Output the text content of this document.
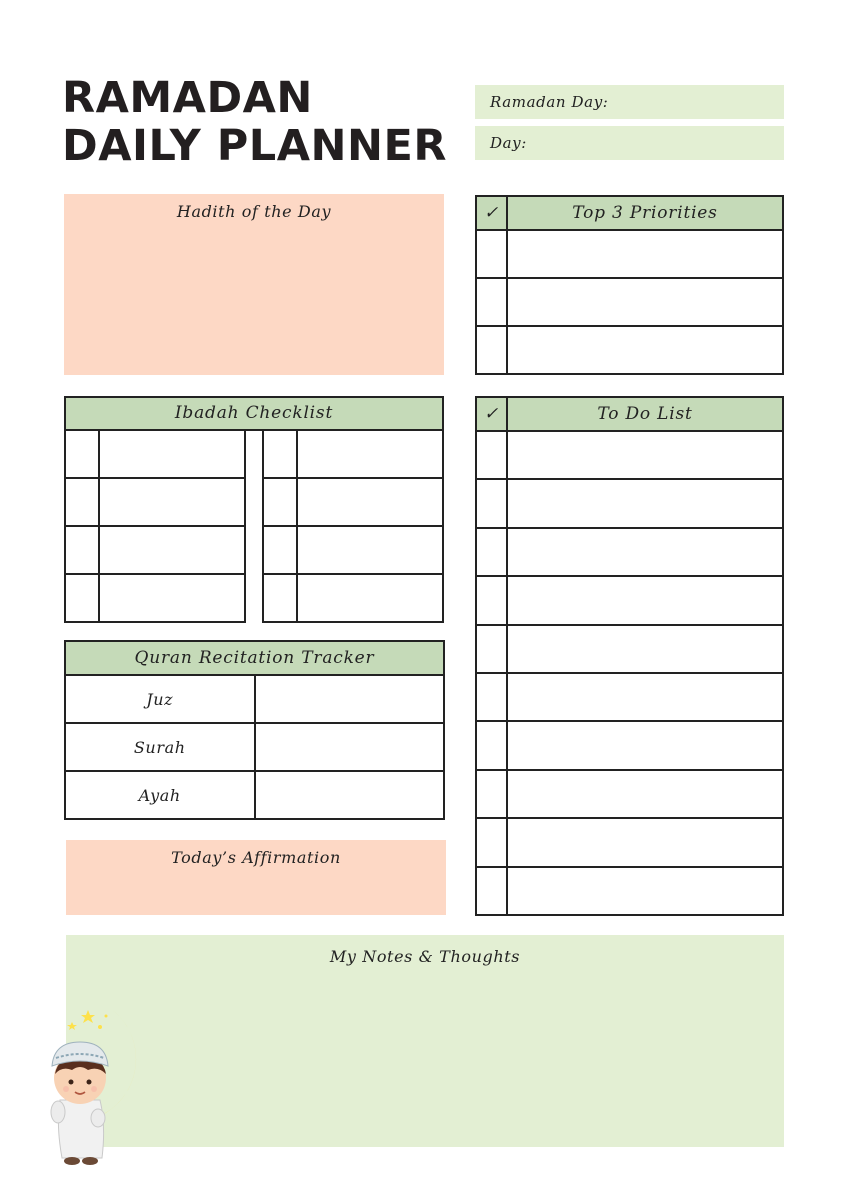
RAMADAN
DAILY PLANNER
Ramadan Day:
Day:
Hadith of the Day	✓	Top 3 Priorities

Ibadah Checklist

		✓	To Do List

Quran Recitation Tracker	
Juz	
Surah	
Ayah	
Today’s Affirmation
My Notes & Thoughts
